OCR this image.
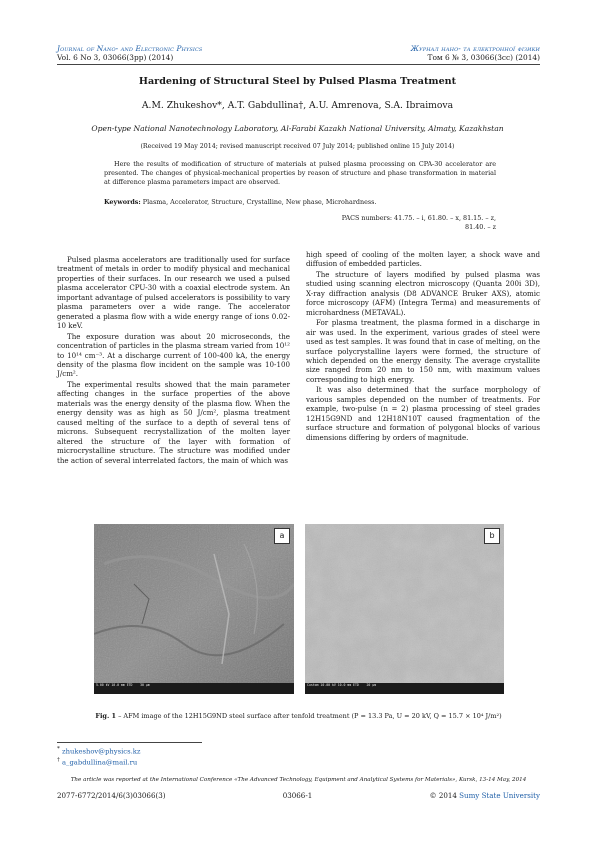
Journal of Nano- and Electronic Physics
Vol. 6 No 3, 03066(3pp) (2014)
Журнал нано- та електронної фізики
Том 6 № 3, 03066(3cc) (2014)
Hardening of Structural Steel by Pulsed Plasma Treatment
A.M. Zhukeshov*, A.T. Gabdullina†, A.U. Amrenova, S.A. Ibraimova
Open-type National Nanotechnology Laboratory, Al-Farabi Kazakh National University, Almaty, Kazakhstan
(Received 19 May 2014; revised manuscript received 07 July 2014; published online 15 July 2014)
Here the results of modification of structure of materials at pulsed plasma processing on CPA-30 accelerator are presented. The changes of physical-mechanical properties by reason of structure and phase transformation in material at difference plasma parameters impact are observed.
Keywords: Plasma, Accelerator, Structure, Crystalline, New phase, Microhardness.
PACS numbers: 41.75. – i, 61.80. – x, 81.15. – z,
81.40. – z

Pulsed plasma accelerators are traditionally used for surface treatment of metals in order to modify physical and mechanical properties of their surfaces. In our research we used a pulsed plasma accelerator CPU-30 with a coaxial electrode system. An important advantage of pulsed accelerators is possibility to vary plasma parameters over a wide range. The accelerator generated a plasma flow with a wide energy range of ions 0.02-10 keV.

The exposure duration was about 20 microseconds, the concentration of particles in the plasma stream varied from 10¹² to 10¹⁴ cm⁻³. At a discharge current of 100-400 kA, the energy density of the plasma flow incident on the sample was 10-100 J/cm².

The experimental results showed that the main parameter affecting changes in the surface properties of the above materials was the energy density of the plasma flow. When the energy density was as high as 50 J/cm², plasma treatment caused melting of the surface to a depth of several tens of microns. Subsequent recrystallization of the molten layer altered the structure of the layer with formation of microcrystalline structure. The structure was modified under the action of several interrelated factors, the main of which was

high speed of cooling of the molten layer, a shock wave and diffusion of embedded particles.

The structure of layers modified by pulsed plasma was studied using scanning electron microscopy (Quanta 200i 3D), X-ray diffraction analysis (D8 ADVANCE Bruker AXS), atomic force microscopy (AFM) (Integra Terma) and measurements of microhardness (METAVAL).

For plasma treatment, the plasma formed in a discharge in air was used. In the experiment, various grades of steel were used as test samples. It was found that in case of melting, on the surface polycrystalline layers were formed, the structure of which depended on the energy density. The average crystallite size ranged from 20 nm to 150 nm, with maximum values corresponding to high energy.

It was also determined that the surface morphology of various samples depended on the number of treatments. For example, two-pulse (n = 2) plasma processing of steel grades 12H15G9ND and 12H18N10T caused fragmentation of the surface structure and formation of polygonal blocks of various dimensions differing by orders of magnitude.

a
5.00 kV 10.0 mm ETD    30 μm
b
Custom 10.00 kV 10.0 mm ETD    20 μm
Fig. 1 – AFM image of the 12H15G9ND steel surface after tenfold treatment (P = 13.3 Pa, U = 20 kV, Q = 15.7 × 10⁴ J/m²)
* zhukeshov@physics.kz
† a_gabdullina@mail.ru
The article was reported at the International Conference «The Advanced Technology, Equipment and Analytical Systems for Materials», Kursk, 13-14 May, 2014
2077-6772/2014/6(3)03066(3)	03066-1	© 2014 Sumy State University
